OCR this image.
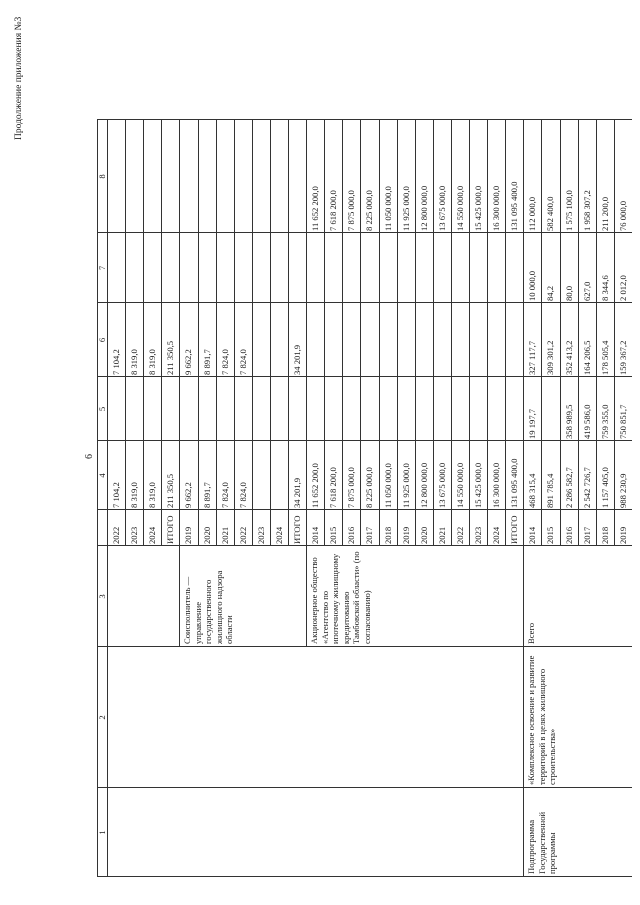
Продолжение приложения №3
6
1
2
3
4
5
6
7
8
2022
7 104,2
7 104,2
2023
8 319,0
8 319,0
2024
8 319,0
8 319,0
ИТОГО
211 350,5
211 350,5
2019
9 662,2
9 662,2
2020
8 891,7
8 891,7
2021
7 824,0
7 824,0
2022
7 824,0
7 824,0
2023 2024 ИТОГО
34 201,9
34 201,9
Соисполнитель — управление государственного жилищного надзора области
2014
11 652 200,0
11 652 200,0
2015
7 618 200,0
7 618 200,0
2016
7 875 000,0
7 875 000,0
2017
8 225 000,0
8 225 000,0
2018
11 050 000,0
11 050 000,0
2019
11 925 000,0
11 925 000,0
2020
12 800 000,0
12 800 000,0
2021
13 675 000,0
13 675 000,0
2022
14 550 000,0
14 550 000,0
2023
15 425 000,0
15 425 000,0
2024
16 300 000,0
16 300 000,0
ИТОГО
131 095 400,0
131 095 400,0
Акционерное общество «Агентство по ипотечному жилищному кредитованию Тамбовской области» (по согласованию)
2014
468 315,4
19 197,7
327 117,7
10 000,0
112 000,0
2015
891 785,4
309 301,2
84,2
582 400,0
2016
2 286 582,7
358 989,5
352 413,2
80,0
1 575 100,0
2017
2 542 726,7
419 586,0
164 206,5
627,0
1 958 307,2
2018
1 157 405,0
759 355,0
178 505,4
8 344,6
211 200,0
2019
988 230,9
750 851,7
159 367,2
2 012,0
76 000,0
Всего
«Комплексное освоение и развитие территорий в целях жилищного строительства»
Подпрограмма Государственной программы
